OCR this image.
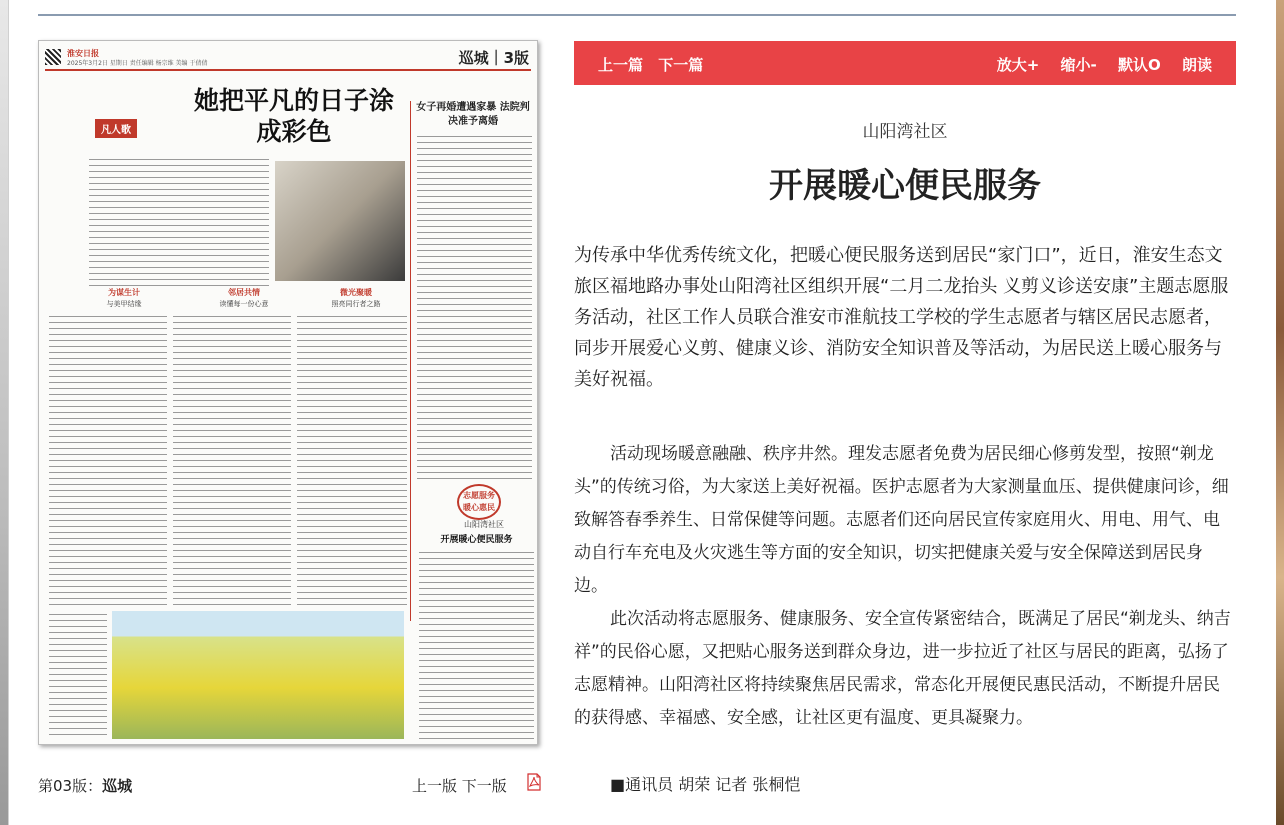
淮安日报
2025年3月2日 星期日 责任编辑 杨宗维 美编 于倩倩	巡城｜3版
凡人歌
她把平凡的日子涂成彩色
女子再婚遭遇家暴 法院判决准予离婚
为谋生计
与美甲结缘
邻居共情
读懂每一份心意
微光聚暖
照亮同行者之路
志愿服务 暖心惠民
山阳湾社区
开展暖心便民服务
上一篇 下一篇	放大+ 缩小- 默认O 朗读
山阳湾社区
开展暖心便民服务

为传承中华优秀传统文化，把暖心便民服务送到居民“家门口”，近日，淮安生态文旅区福地路办事处山阳湾社区组织开展“二月二龙抬头 义剪义诊送安康”主题志愿服务活动，社区工作人员联合淮安市淮航技工学校的学生志愿者与辖区居民志愿者，同步开展爱心义剪、健康义诊、消防安全知识普及等活动，为居民送上暖心服务与美好祝福。

活动现场暖意融融、秩序井然。理发志愿者免费为居民细心修剪发型，按照“剃龙头”的传统习俗，为大家送上美好祝福。医护志愿者为大家测量血压、提供健康问诊，细致解答春季养生、日常保健等问题。志愿者们还向居民宣传家庭用火、用电、用气、电动自行车充电及火灾逃生等方面的安全知识，切实把健康关爱与安全保障送到居民身边。

此次活动将志愿服务、健康服务、安全宣传紧密结合，既满足了居民“剃龙头、纳吉祥”的民俗心愿，又把贴心服务送到群众身边，进一步拉近了社区与居民的距离，弘扬了志愿精神。山阳湾社区将持续聚焦居民需求，常态化开展便民惠民活动，不断提升居民的获得感、幸福感、安全感，让社区更有温度、更具凝聚力。

第03版：巡城	上一版 下一版	■通讯员 胡荣 记者 张桐恺
